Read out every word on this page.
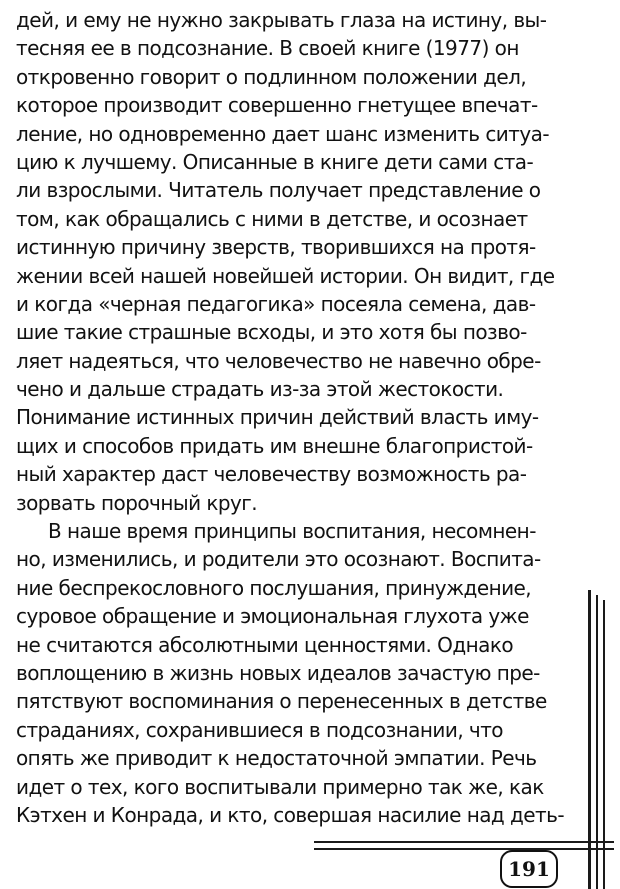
дей, и ему не нужно закрывать глаза на истину, вы-
тесняя ее в подсознание. В своей книге (1977) он
откровенно говорит о подлинном положении дел,
которое производит совершенно гнетущее впечат-
ление, но одновременно дает шанс изменить ситуа-
цию к лучшему. Описанные в книге дети сами ста-
ли взрослыми. Читатель получает представление о
том, как обращались с ними в детстве, и осознает
истинную причину зверств, творившихся на протя-
жении всей нашей новейшей истории. Он видит, где
и когда «черная педагогика» посеяла семена, дав-
шие такие страшные всходы, и это хотя бы позво-
ляет надеяться, что человечество не навечно обре-
чено и дальше страдать из-за этой жестокости.
Понимание истинных причин действий власть иму-
щих и способов придать им внешне благопристой-
ный характер даст человечеству возможность ра-
зорвать порочный круг.
В наше время принципы воспитания, несомнен-
но, изменились, и родители это осознают. Воспита-
ние беспрекословного послушания, принуждение,
суровое обращение и эмоциональная глухота уже
не считаются абсолютными ценностями. Однако
воплощению в жизнь новых идеалов зачастую пре-
пятствуют воспоминания о перенесенных в детстве
страданиях, сохранившиеся в подсознании, что
опять же приводит к недостаточной эмпатии. Речь
идет о тех, кого воспитывали примерно так же, как
Кэтхен и Конрада, и кто, совершая насилие над деть-
191
